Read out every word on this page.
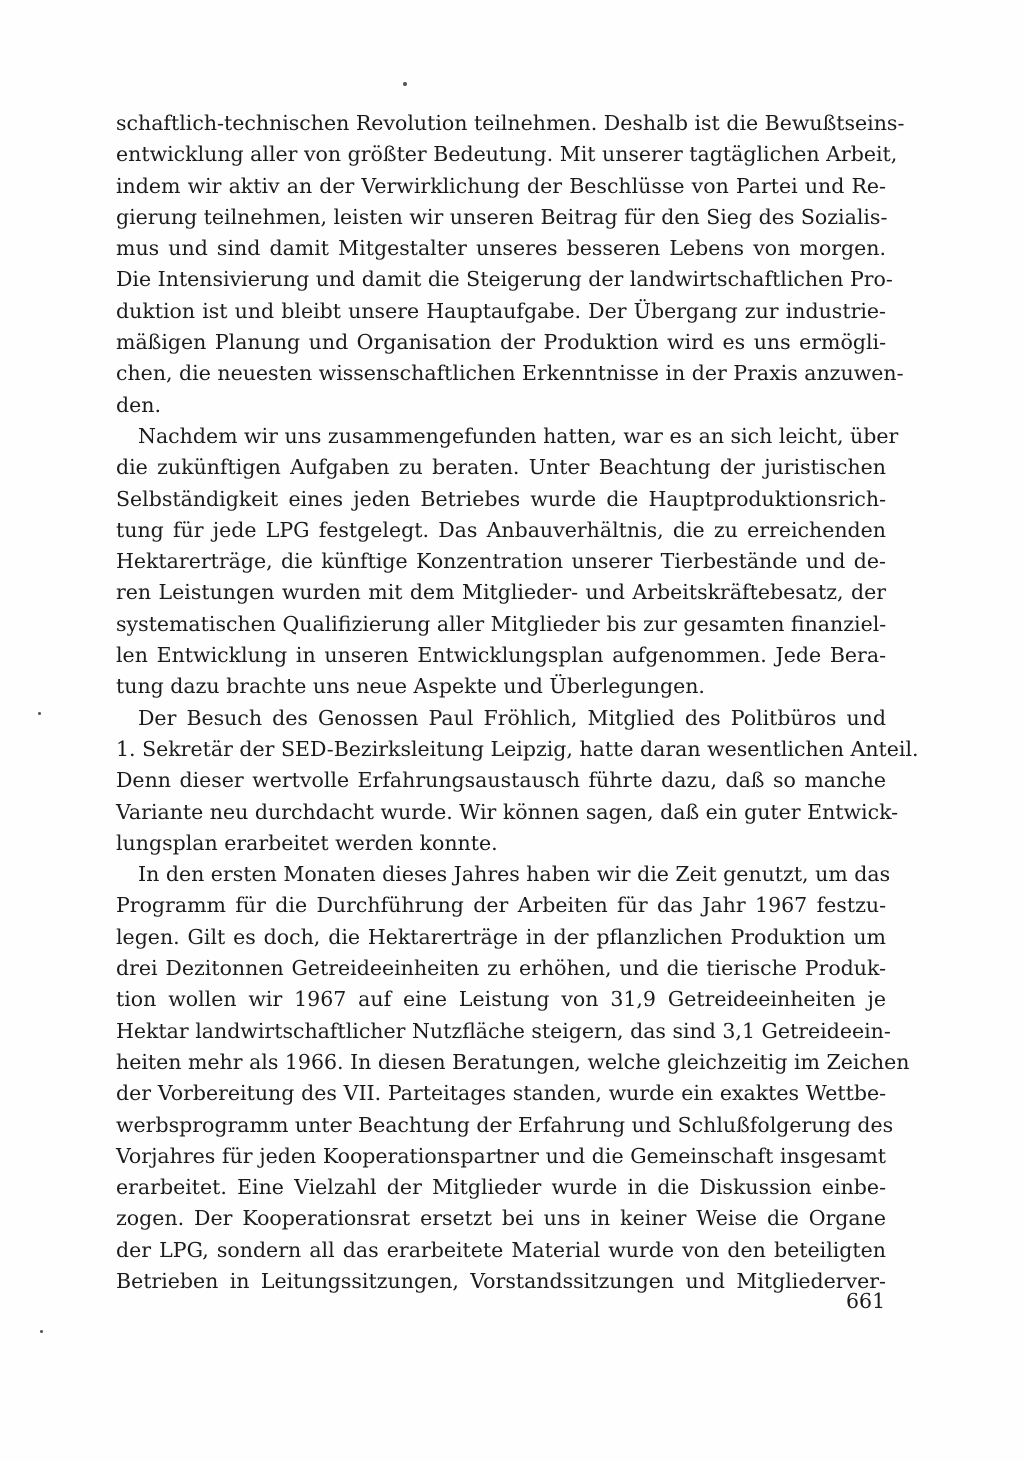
schaftlich-technischen Revolution teilnehmen. Deshalb ist die Bewußtseins-
entwicklung aller von größter Bedeutung. Mit unserer tagtäglichen Arbeit,
indem wir aktiv an der Verwirklichung der Beschlüsse von Partei und Re-
gierung teilnehmen, leisten wir unseren Beitrag für den Sieg des Sozialis-
mus und sind damit Mitgestalter unseres besseren Lebens von morgen.
Die Intensivierung und damit die Steigerung der landwirtschaftlichen Pro-
duktion ist und bleibt unsere Hauptaufgabe. Der Übergang zur industrie-
mäßigen Planung und Organisation der Produktion wird es uns ermögli-
chen, die neuesten wissenschaftlichen Erkenntnisse in der Praxis anzuwen-
den.
Nachdem wir uns zusammengefunden hatten, war es an sich leicht, über
die zukünftigen Aufgaben zu beraten. Unter Beachtung der juristischen
Selbständigkeit eines jeden Betriebes wurde die Hauptproduktionsrich-
tung für jede LPG festgelegt. Das Anbauverhältnis, die zu erreichenden
Hektarerträge, die künftige Konzentration unserer Tierbestände und de-
ren Leistungen wurden mit dem Mitglieder- und Arbeitskräftebesatz, der
systematischen Qualifizierung aller Mitglieder bis zur gesamten finanziel-
len Entwicklung in unseren Entwicklungsplan aufgenommen. Jede Bera-
tung dazu brachte uns neue Aspekte und Überlegungen.
Der Besuch des Genossen Paul Fröhlich, Mitglied des Politbüros und
1. Sekretär der SED-Bezirksleitung Leipzig, hatte daran wesentlichen Anteil.
Denn dieser wertvolle Erfahrungsaustausch führte dazu, daß so manche
Variante neu durchdacht wurde. Wir können sagen, daß ein guter Entwick-
lungsplan erarbeitet werden konnte.
In den ersten Monaten dieses Jahres haben wir die Zeit genutzt, um das
Programm für die Durchführung der Arbeiten für das Jahr 1967 festzu-
legen. Gilt es doch, die Hektarerträge in der pflanzlichen Produktion um
drei Dezitonnen Getreideeinheiten zu erhöhen, und die tierische Produk-
tion wollen wir 1967 auf eine Leistung von 31,9 Getreideeinheiten je
Hektar landwirtschaftlicher Nutzfläche steigern, das sind 3,1 Getreideein-
heiten mehr als 1966. In diesen Beratungen, welche gleichzeitig im Zeichen
der Vorbereitung des VII. Parteitages standen, wurde ein exaktes Wettbe-
werbsprogramm unter Beachtung der Erfahrung und Schlußfolgerung des
Vorjahres für jeden Kooperationspartner und die Gemeinschaft insgesamt
erarbeitet. Eine Vielzahl der Mitglieder wurde in die Diskussion einbe-
zogen. Der Kooperationsrat ersetzt bei uns in keiner Weise die Organe
der LPG, sondern all das erarbeitete Material wurde von den beteiligten
Betrieben in Leitungssitzungen, Vorstandssitzungen und Mitgliederver-
661
